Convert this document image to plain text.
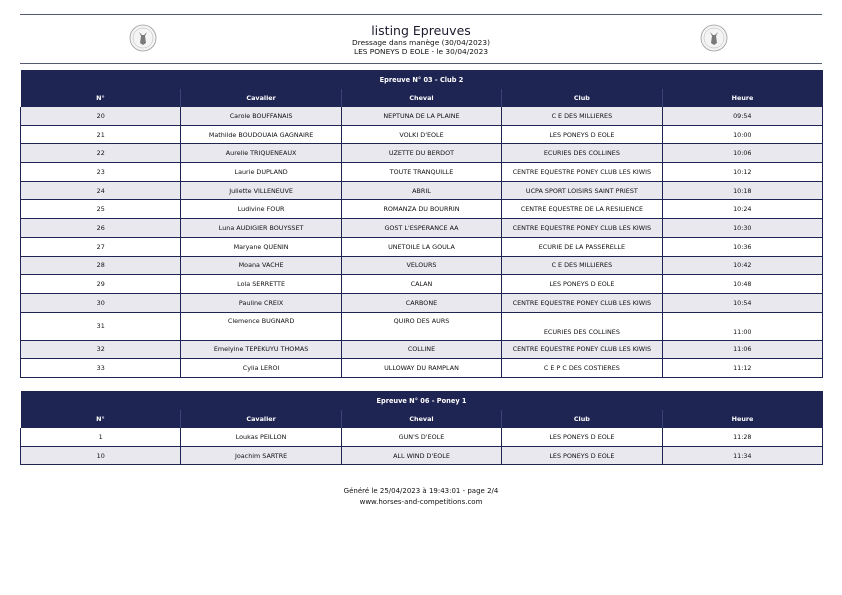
listing Epreuves
Dressage dans manège (30/04/2023)
LES PONEYS D EOLE - le 30/04/2023
Epreuve N° 03 - Club 2				
N°	Cavalier	Cheval	Club	Heure
20	Carole BOUFFANAIS	NEPTUNA DE LA PLAINE	C E DES MILLIERES	09:54
21	Mathilde BOUDOUAIA GAGNAIRE	VOLKI D'EOLE	LES PONEYS D EOLE	10:00
22	Aurelie TRIQUENEAUX	UZETTE DU BERDOT	ECURIES DES COLLINES	10:06
23	Laurie DUPLAND	TOUTE TRANQUILLE	CENTRE EQUESTRE PONEY CLUB LES KIWIS	10:12
24	Juliette VILLENEUVE	ABRIL	UCPA SPORT LOISIRS SAINT PRIEST	10:18
25	Ludivine FOUR	ROMANZA DU BOURRIN	CENTRE EQUESTRE DE LA RESILIENCE	10:24
26	Luna AUDIGIER BOUYSSET	GOST L'ESPERANCE AA	CENTRE EQUESTRE PONEY CLUB LES KIWIS	10:30
27	Maryane QUENIN	UNETOILE LA GOULA	ECURIE DE LA PASSERELLE	10:36
28	Moana VACHE	VELOURS	C E DES MILLIERES	10:42
29	Lola SERRETTE	CALAN	LES PONEYS D EOLE	10:48
30	Pauline CREIX	CARBONE	CENTRE EQUESTRE PONEY CLUB LES KIWIS	10:54
31	Clemence BUGNARD	QUIRO DES AURS	ECURIES DES COLLINES	11:00
32	Emelyine TEPEKUYU THOMAS	COLLINE	CENTRE EQUESTRE PONEY CLUB LES KIWIS	11:06
33	Cylia LEROI	ULLOWAY DU RAMPLAN	C E P C DES COSTIERES	11:12
Epreuve N° 06 - Poney 1				
N°	Cavalier	Cheval	Club	Heure
1	Loukas PEILLON	GUN'S D'EOLE	LES PONEYS D EOLE	11:28
10	Joachim SARTRE	ALL WIND D'EOLE	LES PONEYS D EOLE	11:34
Généré le 25/04/2023 à 19:43:01 - page 2/4
www.horses-and-competitions.com
